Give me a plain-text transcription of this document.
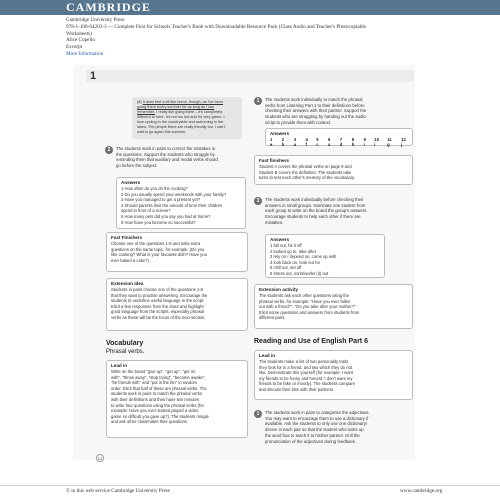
CAMBRIDGE
Cambridge University Press
978-1-108-64203-3 — Complete First for Schools Teacher's Book with Downloadable Resource Pack (Class Audio and Teacher's Photocopiable
Worksheets)
Alice Copello
Excerpt
More Information
1
(8) It does feel a bit like home, though, as I've been
going there every summer for as long as I can
remember. I really like going there – it's completely
different to here. It's not too hot and it's very green. I
love cycling in the countryside and swimming in the
lakes. The people there are really friendly too. I can't
wait to go again this summer.
2	The students work in pairs to correct the mistakes in
the questions. Support the students who struggle by
reminding them that auxiliary and modal verbs should
go before the subject.
Answers
1 How often do you do the cooking?
2 Do you usually spend your weekends with your family?
3 Have you managed to get a present yet?
4 Should parents limit the amount of time their children
spend in front of a screen?
5 How many pets did you say you had at home?
6 How have you become so successful?
Fast Finishers
Choose one of the questions 1-6 and write extra
questions on the same topic, for example: (Do you
like cooking? What is your favourite dish? Have you
ever baked a cake?).
Extension idea
Students in pairs choose one of the questions 1-6
that they want to practise answering. Encourage the
students to underline useful language in the script.
Elicit a few responses from the class and highlight
good language from the scripts, especially phrasal
verbs as these will be the focus of the next section.
Vocabulary
Phrasal verbs.
Lead in
Write on the board "give up", "get up", "get on
with", "throw away", "stop trying", "become awake",
"be friends with" and "put in the bin" in random
order. Elicit that half of these are phrasal verbs. The
students work in pairs to match the phrasal verbs
with their definitions and then have two minutes
to write four questions using the phrasal verbs (for
example: Have you ever started played a video
game so difficult you gave up?). The students mingle
and ask other classmates their questions.
12
1	The students work individually to match the phrasal
verbs from Listening Part 1 to their definitions before
checking their answers with their partner. Support the
students who are struggling by handing out the audio
script to provide them with context.
Answers
1 e
2 h
3 a
4 f
5 c
6 a
7 d
8 h
9 i
10 i
11 g
12 j
Fast finishers
Student A covers the phrasal verbs on page 9 and
Student B covers the definition. The students take
turns to test each other's memory of the vocabulary.
3	The students work individually before checking their
answers in small groups. Nominate one student from
each group to write on the board the group's answers.
Encourage students to help each other if there are
mistakes.
Answers
1 fall out, hit it off
2 looked up to, take after
3 rely on / depend on, come up with
4 look back on, look out for
5 chill out, set off
6 stress out, sorts/works (it) out
Extension activity
The students ask each other questions using the
phrasal verbs, for example: "Have you ever fallen
out with a friend?", "Do you take after your mother?".
Elicit some questions and answers from students from
different pairs.
Reading and Use of English Part 6
Lead in
The students make a list of two personality traits
they look for in a friend, and two which they do not
like. Demonstrate this yourself (for example: I want
my friends to be funny and honest; I don't want my
friends to be fake or moody). The students compare
and discuss their lists with their partners.
1	The students work in pairs to categorise the adjectives.
You may want to encourage them to use a dictionary if
available. Ask the students to only use one dictionary/
device in each pair so that the student who looks up
the word has to teach it to his/her partner. Drill the
pronunciation of the adjectives during feedback.
© in this web service Cambridge University Press	www.cambridge.org
